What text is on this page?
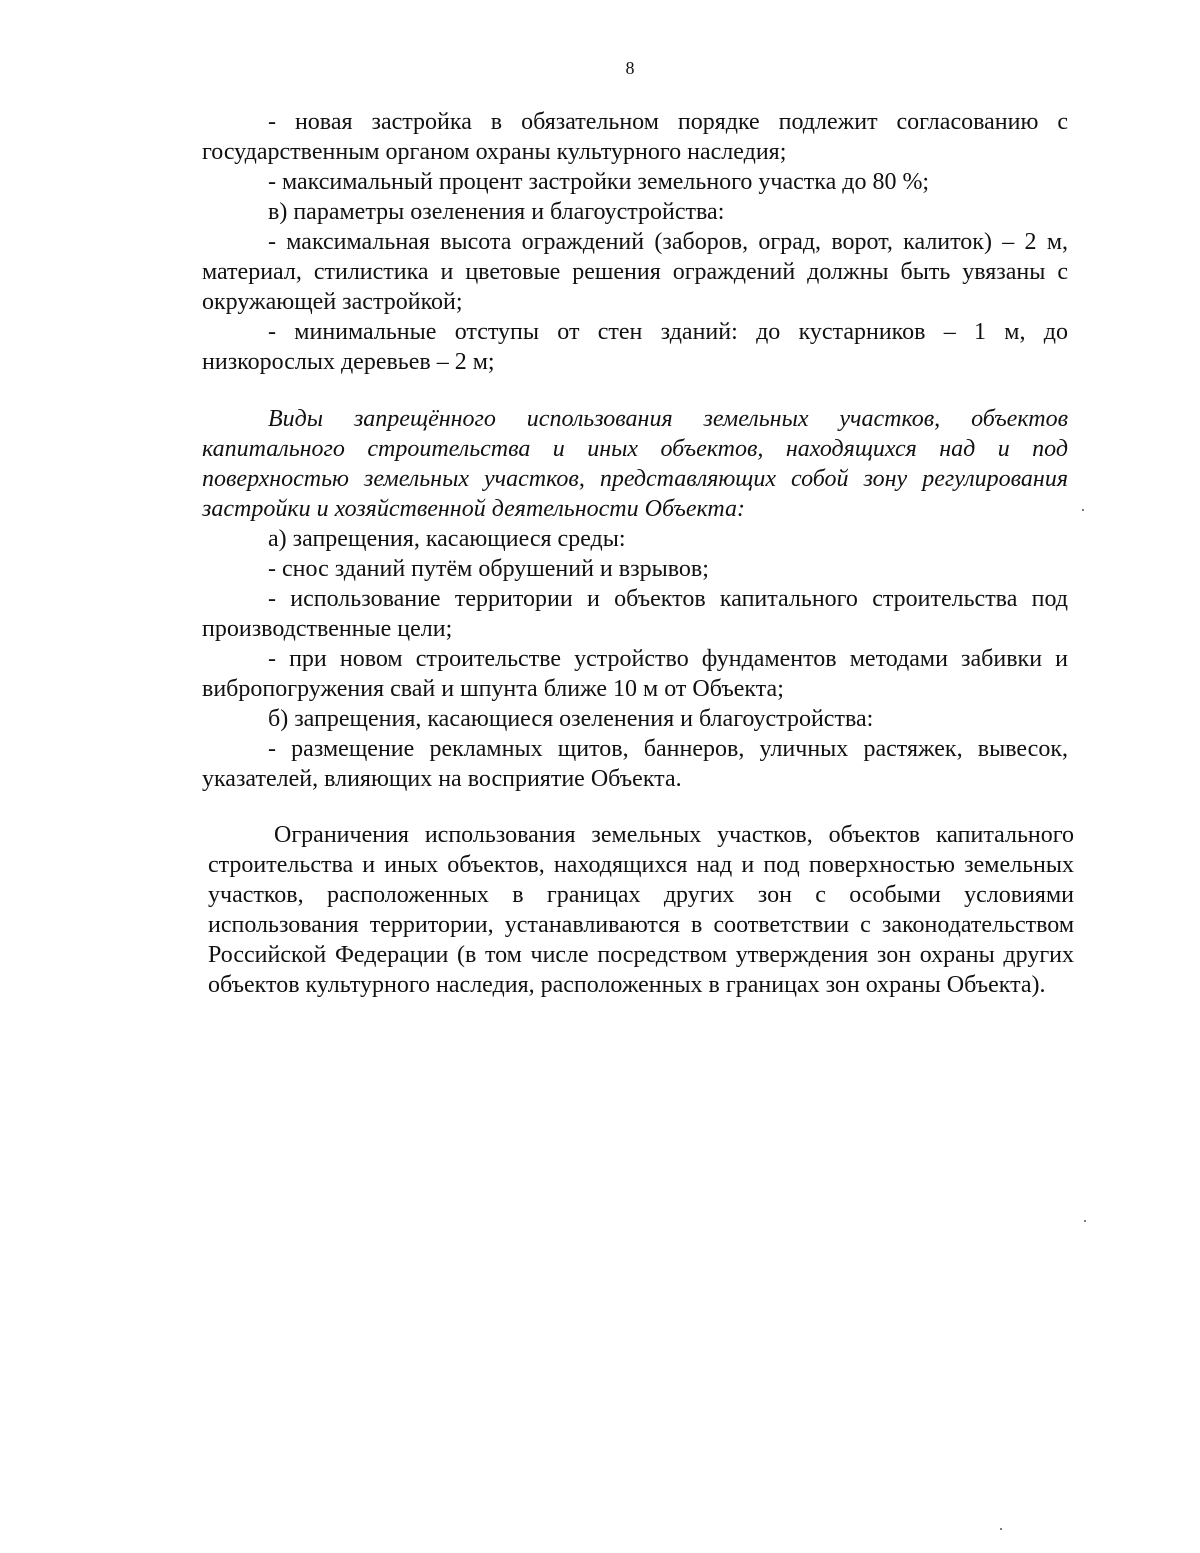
8

- новая застройка в обязательном порядке подлежит согласованию с государственным органом охраны культурного наследия;

- максимальный процент застройки земельного участка до 80 %;

в) параметры озеленения и благоустройства:

- максимальная высота ограждений (заборов, оград, ворот, калиток) – 2 м, материал, стилистика и цветовые решения ограждений должны быть увязаны с окружающей застройкой;

- минимальные отступы от стен зданий: до кустарников – 1 м, до низкорослых деревьев – 2 м;

Виды запрещённого использования земельных участков, объектов капитального строительства и иных объектов, находящихся над и под поверхностью земельных участков, представляющих собой зону регулирования застройки и хозяйственной деятельности Объекта:

а) запрещения, касающиеся среды:

- снос зданий путём обрушений и взрывов;

- использование территории и объектов капитального строительства под производственные цели;

- при новом строительстве устройство фундаментов методами забивки и вибропогружения свай и шпунта ближе 10 м от Объекта;

б) запрещения, касающиеся озеленения и благоустройства:

- размещение рекламных щитов, баннеров, уличных растяжек, вывесок, указателей, влияющих на восприятие Объекта.

Ограничения использования земельных участков, объектов капитального строительства и иных объектов, находящихся над и под поверхностью земельных участков, расположенных в границах других зон с особыми условиями использования территории, устанавливаются в соответствии с законодательством Российской Федерации (в том числе посредством утверждения зон охраны других объектов культурного наследия, расположенных в границах зон охраны Объекта).
